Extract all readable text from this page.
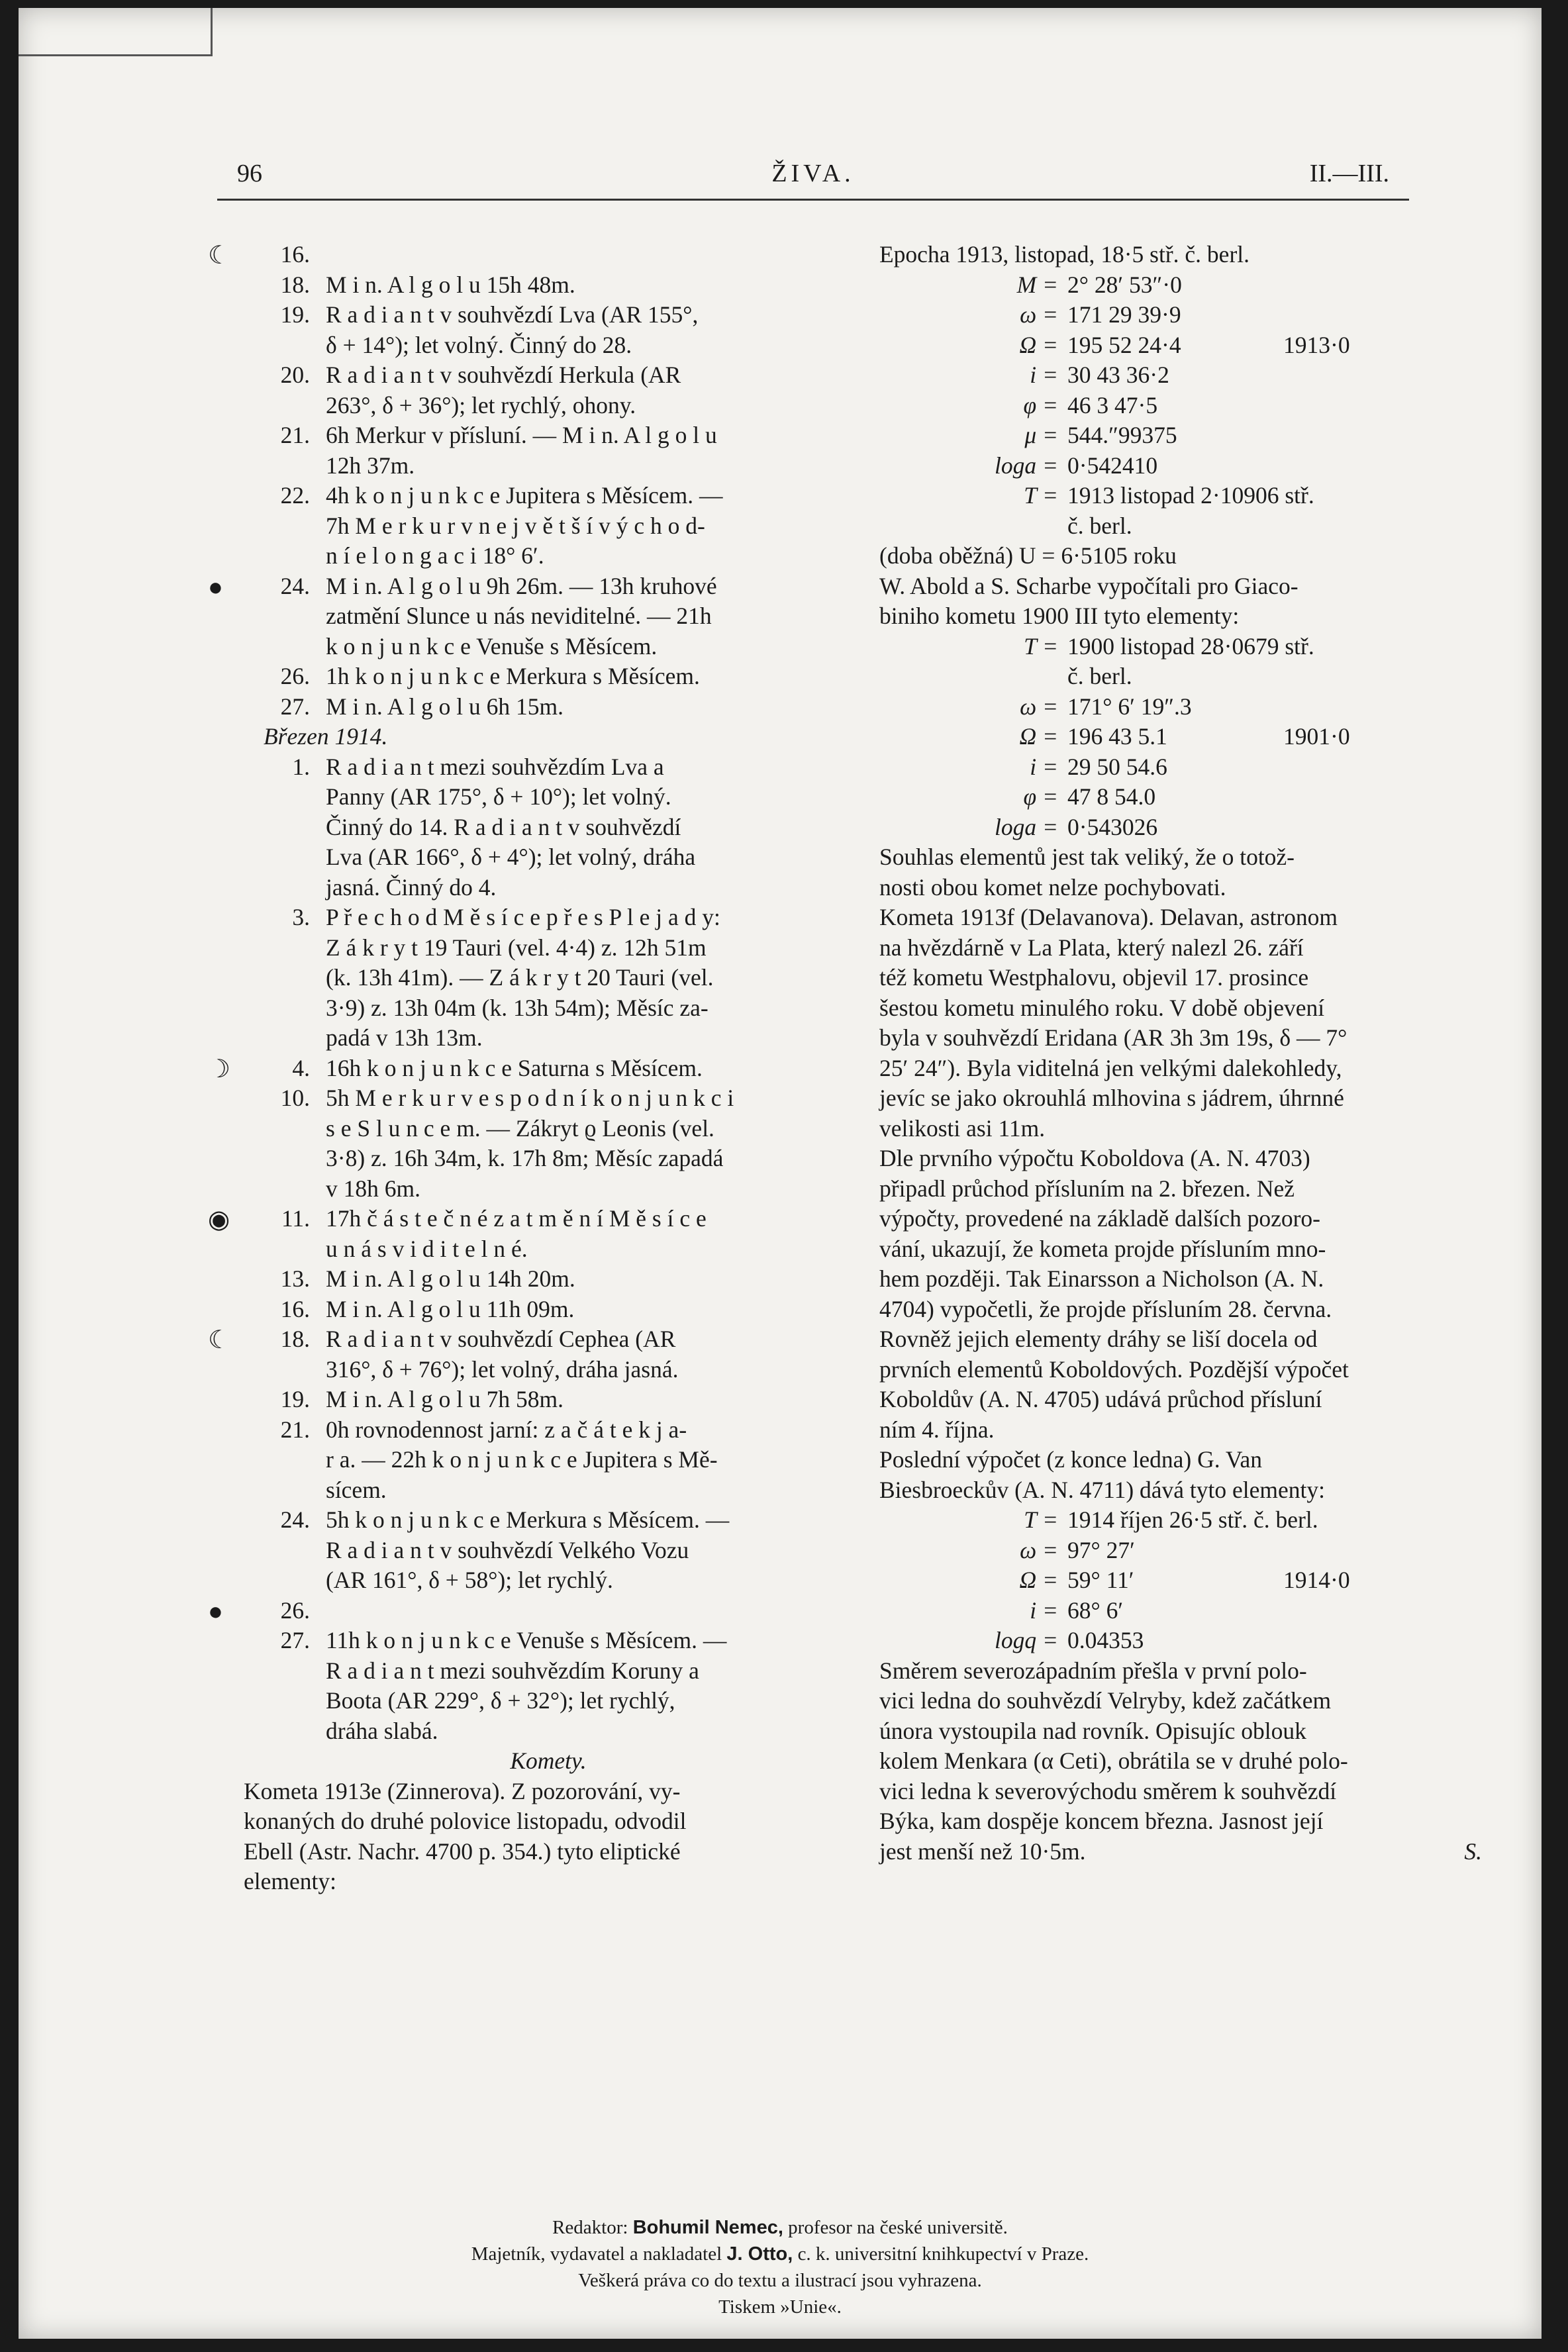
96	ŽIVA.	II.—III.
☾	16.
18. M i n. A l g o l u 15h 48m.
19. R a d i a n t v souhvězdí Lva (AR 155°,
δ + 14°); let volný. Činný do 28.
20. R a d i a n t v souhvězdí Herkula (AR
263°, δ + 36°); let rychlý, ohony.
21. 6h Merkur v přísluní. — M i n. A l g o l u
12h 37m.
22. 4h k o n j u n k c e Jupitera s Měsícem. —
7h M e r k u r v n e j v ě t š í v ý c h o d-
n í e l o n g a c i 18° 6′.
●	24. M i n. A l g o l u 9h 26m. — 13h kruhové
zatmění Slunce u nás neviditelné. — 21h
k o n j u n k c e Venuše s Měsícem.
26. 1h k o n j u n k c e Merkura s Měsícem.
27. M i n. A l g o l u 6h 15m.
Březen 1914.
1. R a d i a n t mezi souhvězdím Lva a
Panny (AR 175°, δ + 10°); let volný.
Činný do 14. R a d i a n t v souhvězdí
Lva (AR 166°, δ + 4°); let volný, dráha
jasná. Činný do 4.
3. P ř e c h o d M ě s í c e p ř e s P l e j a d y:
Z á k r y t 19 Tauri (vel. 4·4) z. 12h 51m
(k. 13h 41m). — Z á k r y t 20 Tauri (vel.
3·9) z. 13h 04m (k. 13h 54m); Měsíc za-
padá v 13h 13m.
☽	4. 16h k o n j u n k c e Saturna s Měsícem.
10. 5h M e r k u r v e s p o d n í k o n j u n k c i
s e S l u n c e m. — Zákryt ϱ Leonis (vel.
3·8) z. 16h 34m, k. 17h 8m; Měsíc zapadá
v 18h 6m.
◉	11. 17h č á s t e č n é z a t m ě n í M ě s í c e
u n á s v i d i t e l n é.
13. M i n. A l g o l u 14h 20m.
16. M i n. A l g o l u 11h 09m.
☾	18. R a d i a n t v souhvězdí Cephea (AR
316°, δ + 76°); let volný, dráha jasná.
19. M i n. A l g o l u 7h 58m.
21. 0h rovnodennost jarní: z a č á t e k j a-
r a. — 22h k o n j u n k c e Jupitera s Mě-
sícem.
24. 5h k o n j u n k c e Merkura s Měsícem. —
R a d i a n t v souhvězdí Velkého Vozu
(AR 161°, δ + 58°); let rychlý.
●	26.
27. 11h k o n j u n k c e Venuše s Měsícem. —
R a d i a n t mezi souhvězdím Koruny a
Boota (AR 229°, δ + 32°); let rychlý,
dráha slabá.
Komety.
Kometa 1913e (Zinnerova). Z pozorování, vy-
konaných do druhé polovice listopadu, odvodil
Ebell (Astr. Nachr. 4700 p. 354.) tyto eliptické
elementy:
Epocha 1913, listopad, 18·5 stř. č. berl.
M = 2° 28′ 53″·0
ω = 171 29 39·9
Ω = 195 52 24·4	1913·0
i = 30 43 36·2
φ = 46 3 47·5
μ = 544.″99375
loga = 0·542410
T = 1913 listopad 2·10906 stř.
č. berl.
(doba oběžná) U = 6·5105 roku
W. Abold a S. Scharbe vypočítali pro Giaco-
biniho kometu 1900 III tyto elementy:
T = 1900 listopad 28·0679 stř.
č. berl.
ω = 171° 6′ 19″.3
Ω = 196 43 5.1	1901·0
i = 29 50 54.6
φ = 47 8 54.0
loga = 0·543026
Souhlas elementů jest tak veliký, že o totož-
nosti obou komet nelze pochybovati.
Kometa 1913f (Delavanova). Delavan, astronom
na hvězdárně v La Plata, který nalezl 26. září
též kometu Westphalovu, objevil 17. prosince
šestou kometu minulého roku. V době objevení
byla v souhvězdí Eridana (AR 3h 3m 19s, δ — 7°
25′ 24″). Byla viditelná jen velkými dalekohledy,
jevíc se jako okrouhlá mlhovina s jádrem, úhrnné
velikosti asi 11m.
Dle prvního výpočtu Koboldova (A. N. 4703)
připadl průchod přísluním na 2. březen. Než
výpočty, provedené na základě dalších pozoro-
vání, ukazují, že kometa projde přísluním mno-
hem později. Tak Einarsson a Nicholson (A. N.
4704) vypočetli, že projde přísluním 28. června.
Rovněž jejich elementy dráhy se liší docela od
prvních elementů Koboldových. Pozdější výpočet
Koboldův (A. N. 4705) udává průchod přísluní
ním 4. října.
Poslední výpočet (z konce ledna) G. Van
Biesbroeckův (A. N. 4711) dává tyto elementy:
T = 1914 říjen 26·5 stř. č. berl.
ω = 97° 27′
Ω = 59° 11′	1914·0
i = 68° 6′
logq = 0.04353
Směrem severozápadním přešla v první polo-
vici ledna do souhvězdí Velryby, kdež začátkem
února vystoupila nad rovník. Opisujíc oblouk
kolem Menkara (α Ceti), obrátila se v druhé polo-
vici ledna k severovýchodu směrem k souhvězdí
Býka, kam dospěje koncem března. Jasnost její
jest menší než 10·5m.	S.
Redaktor: Bohumil Nemec, profesor na české universitě.
Majetník, vydavatel a nakladatel J. Otto, c. k. universitní knihkupectví v Praze.
Veškerá práva co do textu a ilustrací jsou vyhrazena.
Tiskem »Unie«.
